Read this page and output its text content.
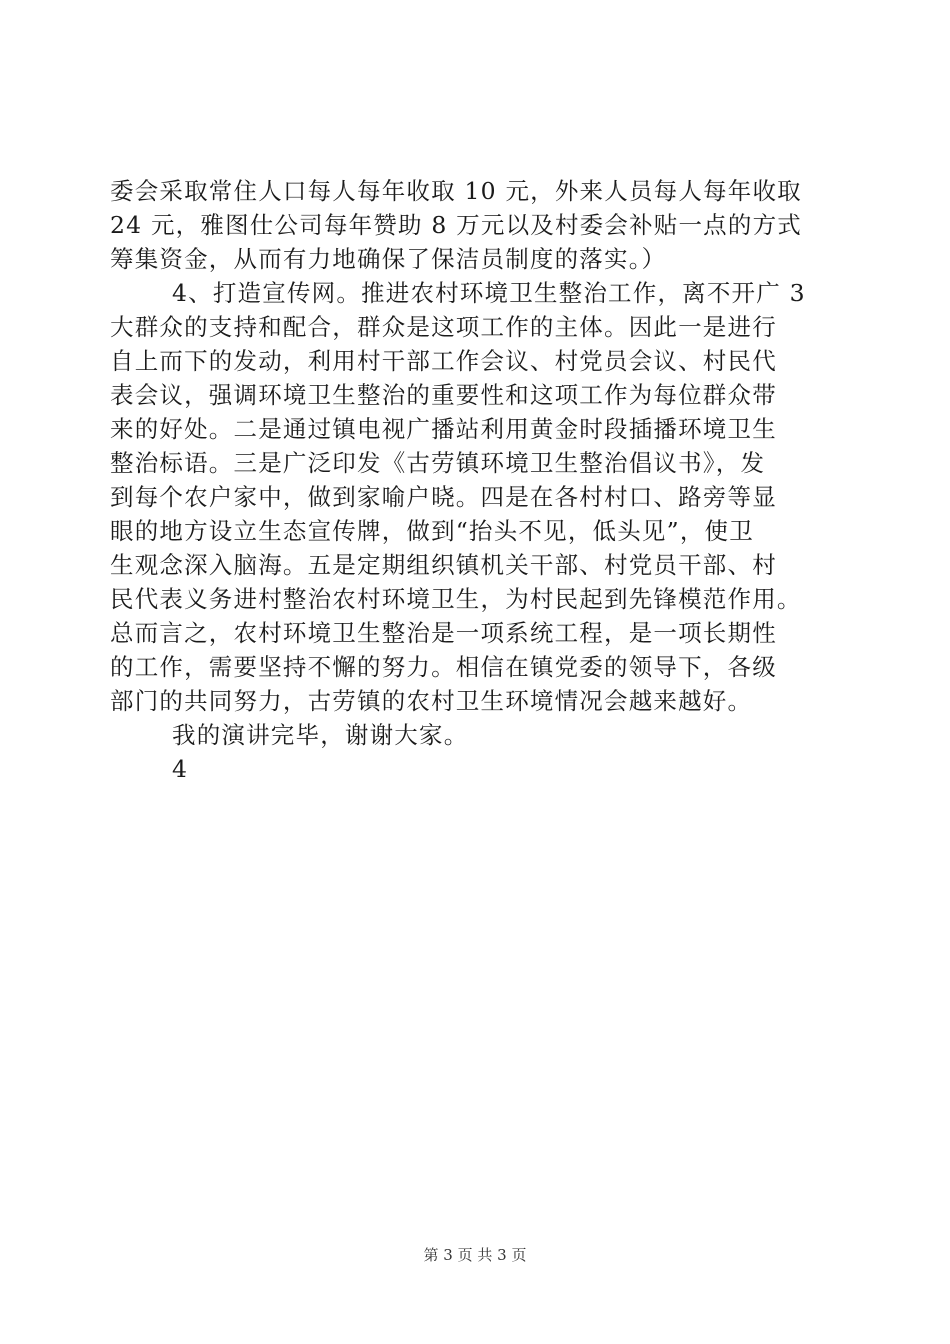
委会采取常住人口每人每年收取 10 元，外来人员每人每年收取
24 元，雅图仕公司每年赞助 8 万元以及村委会补贴一点的方式
筹集资金，从而有力地确保了保洁员制度的落实。）
4、打造宣传网。推进农村环境卫生整治工作，离不开广 3
大群众的支持和配合，群众是这项工作的主体。因此一是进行
自上而下的发动，利用村干部工作会议、村党员会议、村民代
表会议，强调环境卫生整治的重要性和这项工作为每位群众带
来的好处。二是通过镇电视广播站利用黄金时段插播环境卫生
整治标语。三是广泛印发《古劳镇环境卫生整治倡议书》，发
到每个农户家中，做到家喻户晓。四是在各村村口、路旁等显
眼的地方设立生态宣传牌，做到“抬头不见，低头见”，使卫
生观念深入脑海。五是定期组织镇机关干部、村党员干部、村
民代表义务进村整治农村环境卫生，为村民起到先锋模范作用。
总而言之，农村环境卫生整治是一项系统工程，是一项长期性
的工作，需要坚持不懈的努力。相信在镇党委的领导下，各级
部门的共同努力，古劳镇的农村卫生环境情况会越来越好。
我的演讲完毕，谢谢大家。
4
第 3 页 共 3 页
